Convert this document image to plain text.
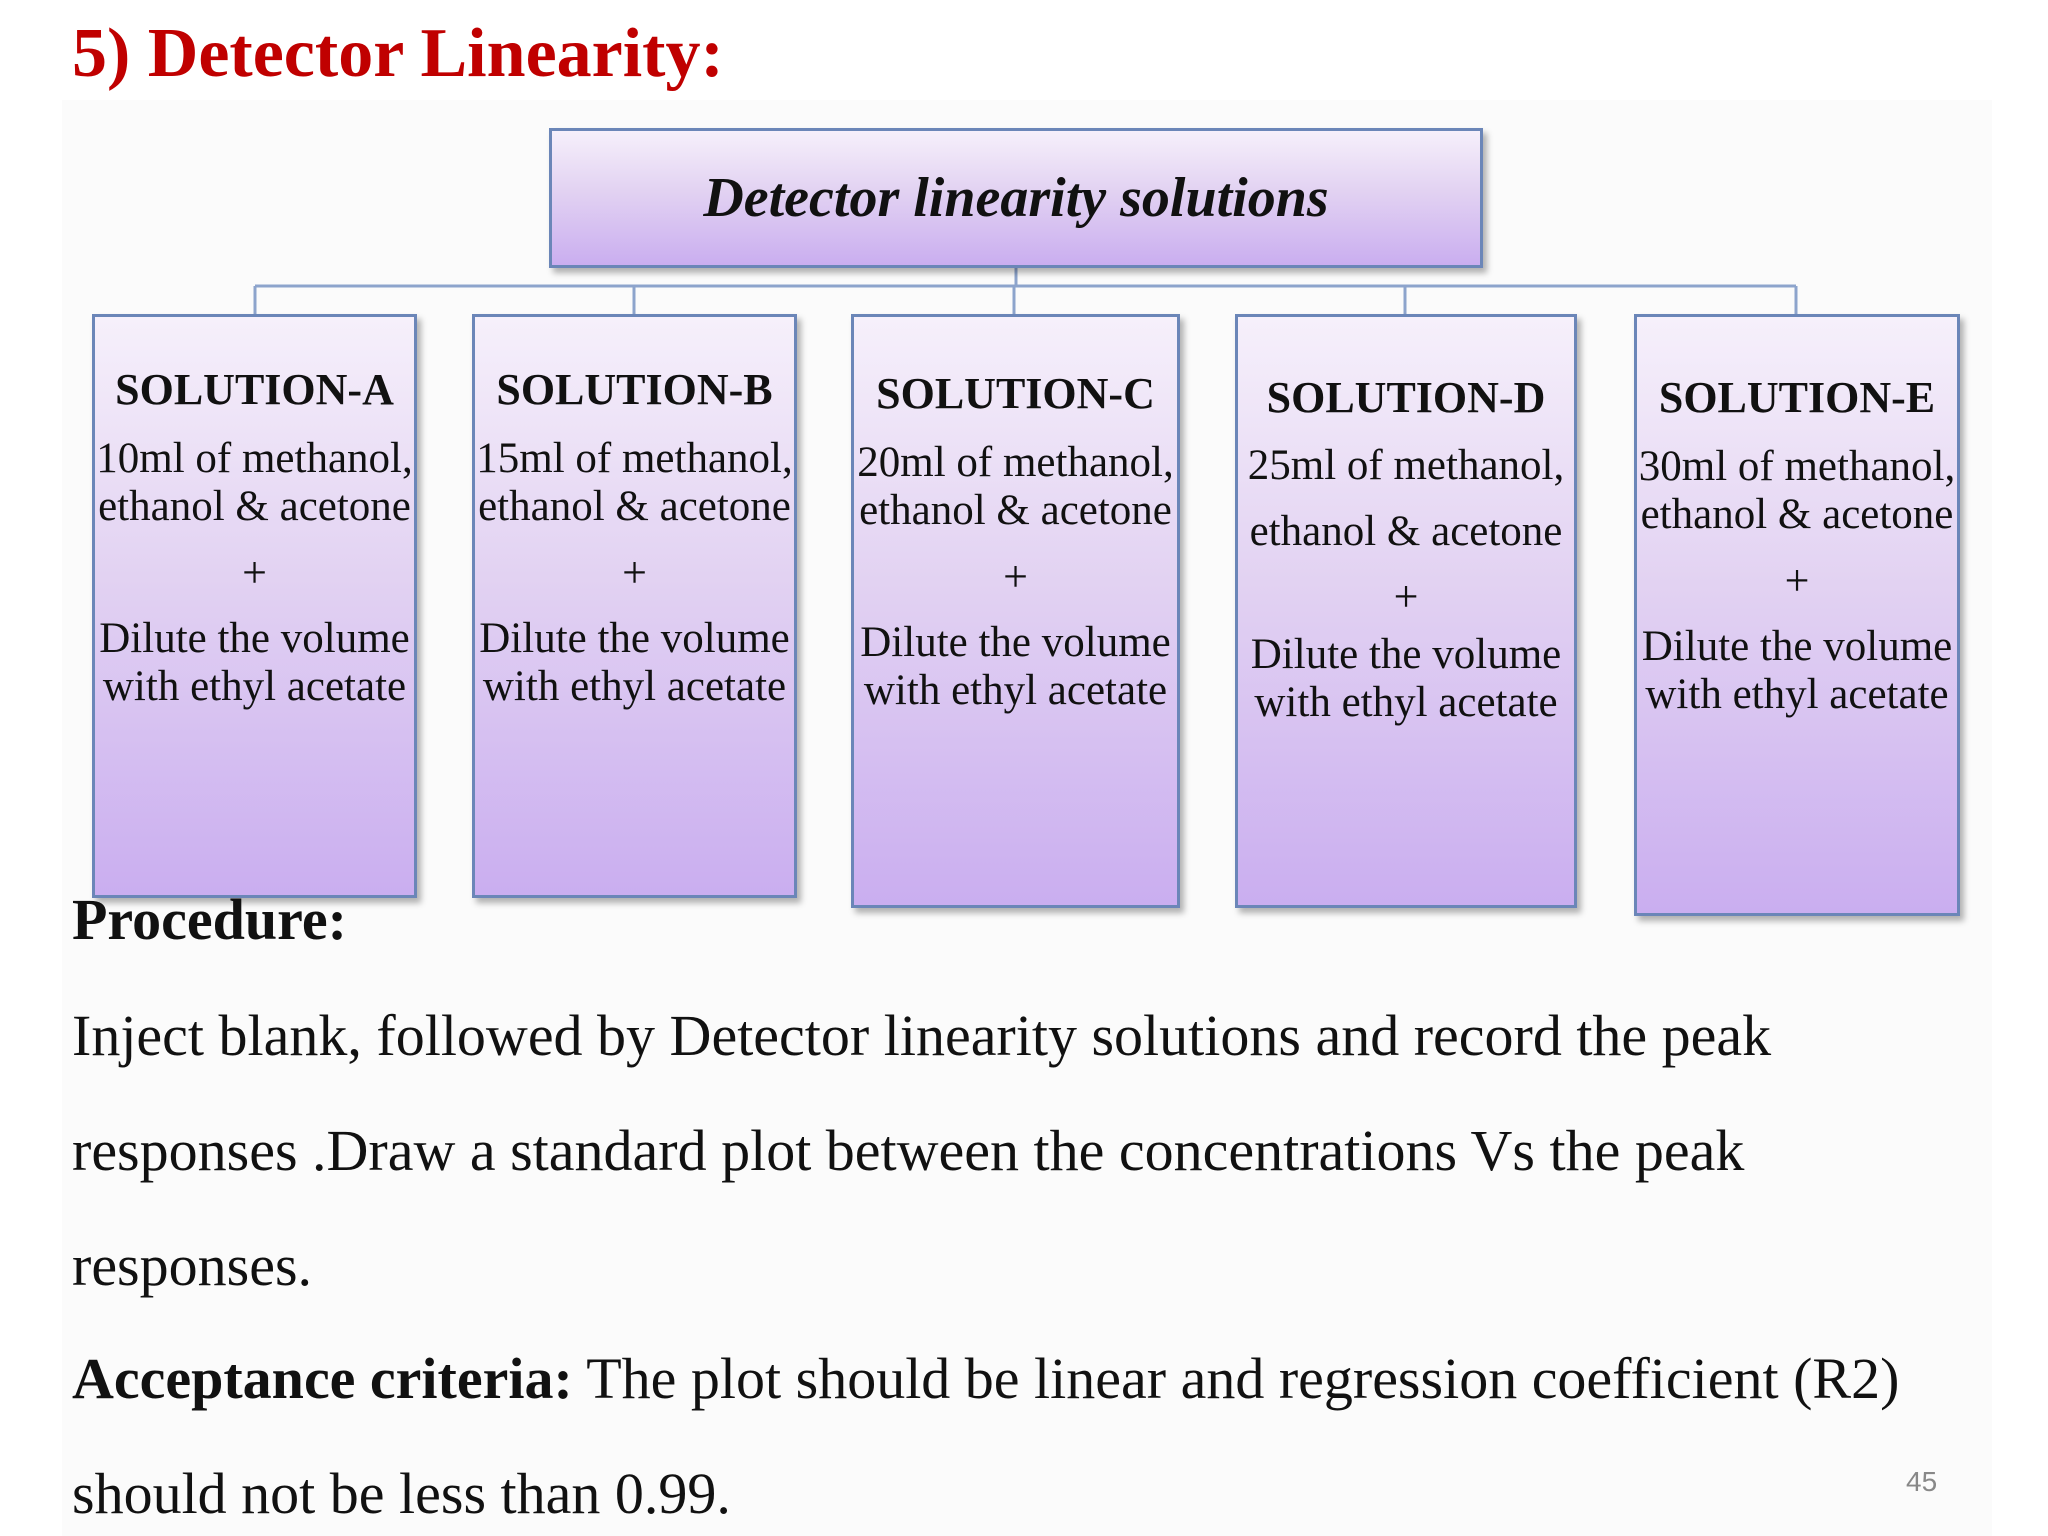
5) Detector Linearity:
Detector linearity solutions
SOLUTION-A
10ml of methanol, ethanol & acetone
+
Dilute the volume with ethyl acetate
SOLUTION-B
15ml of methanol, ethanol & acetone
+
Dilute the volume with ethyl acetate
SOLUTION-C
20ml of methanol, ethanol & acetone
+
Dilute the volume with ethyl acetate
SOLUTION-D
25ml of methanol, ethanol & acetone
+
Dilute the volume with ethyl acetate
SOLUTION-E
30ml of methanol, ethanol & acetone
+
Dilute the volume with ethyl acetate
Procedure:

Inject blank, followed by Detector linearity solutions and record the peak responses .Draw a standard plot between the concentrations Vs the peak responses.

Acceptance criteria: The plot should be linear and regression coefficient (R2) should not be less than 0.99.	45
